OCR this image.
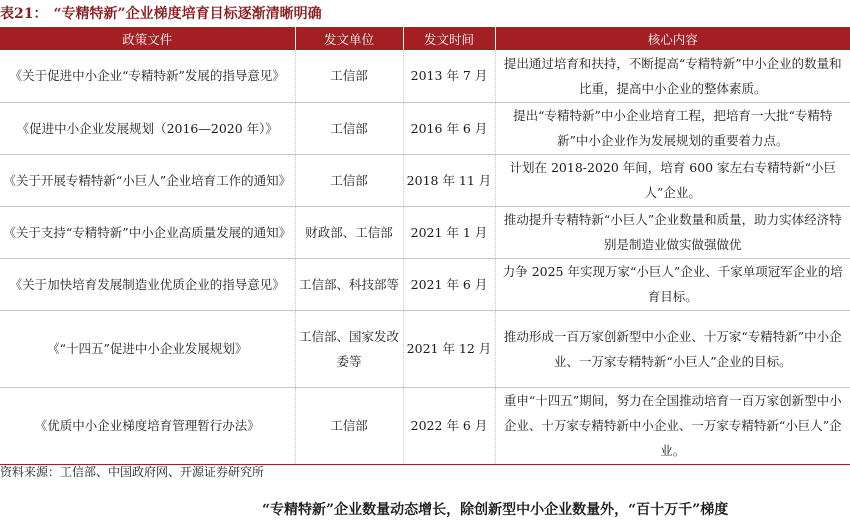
表21： “专精特新”企业梯度培育目标逐渐清晰明确
政策文件	发文单位	发文时间	核心内容
《关于促进中小企业“专精特新”发展的指导意见》	工信部	2013 年 7 月	提出通过培育和扶持，不断提高“专精特新”中小企业的数量和比重，提高中小企业的整体素质。
《促进中小企业发展规划（2016—2020 年）》	工信部	2016 年 6 月	提出“专精特新”中小企业培育工程，把培育一大批“专精特新”中小企业作为发展规划的重要着力点。
《关于开展专精特新“小巨人”企业培育工作的通知》	工信部	2018 年 11 月	计划在 2018-2020 年间，培育 600 家左右专精特新“小巨人”企业。
《关于支持“专精特新”中小企业高质量发展的通知》	财政部、工信部	2021 年 1 月	推动提升专精特新“小巨人”企业数量和质量，助力实体经济特别是制造业做实做强做优
《关于加快培育发展制造业优质企业的指导意见》	工信部、科技部等	2021 年 6 月	力争 2025 年实现万家“小巨人”企业、千家单项冠军企业的培育目标。
《“十四五”促进中小企业发展规划》	工信部、国家发改委等	2021 年 12 月	推动形成一百万家创新型中小企业、十万家“专精特新”中小企业、一万家专精特新“小巨人”企业的目标。
《优质中小企业梯度培育管理暂行办法》	工信部	2022 年 6 月	重申“十四五”期间，努力在全国推动培育一百万家创新型中小企业、十万家专精特新中小企业、一万家专精特新“小巨人”企业。
资料来源：工信部、中国政府网、开源证券研究所
“专精特新”企业数量动态增长，除创新型中小企业数量外，“百十万千”梯度
